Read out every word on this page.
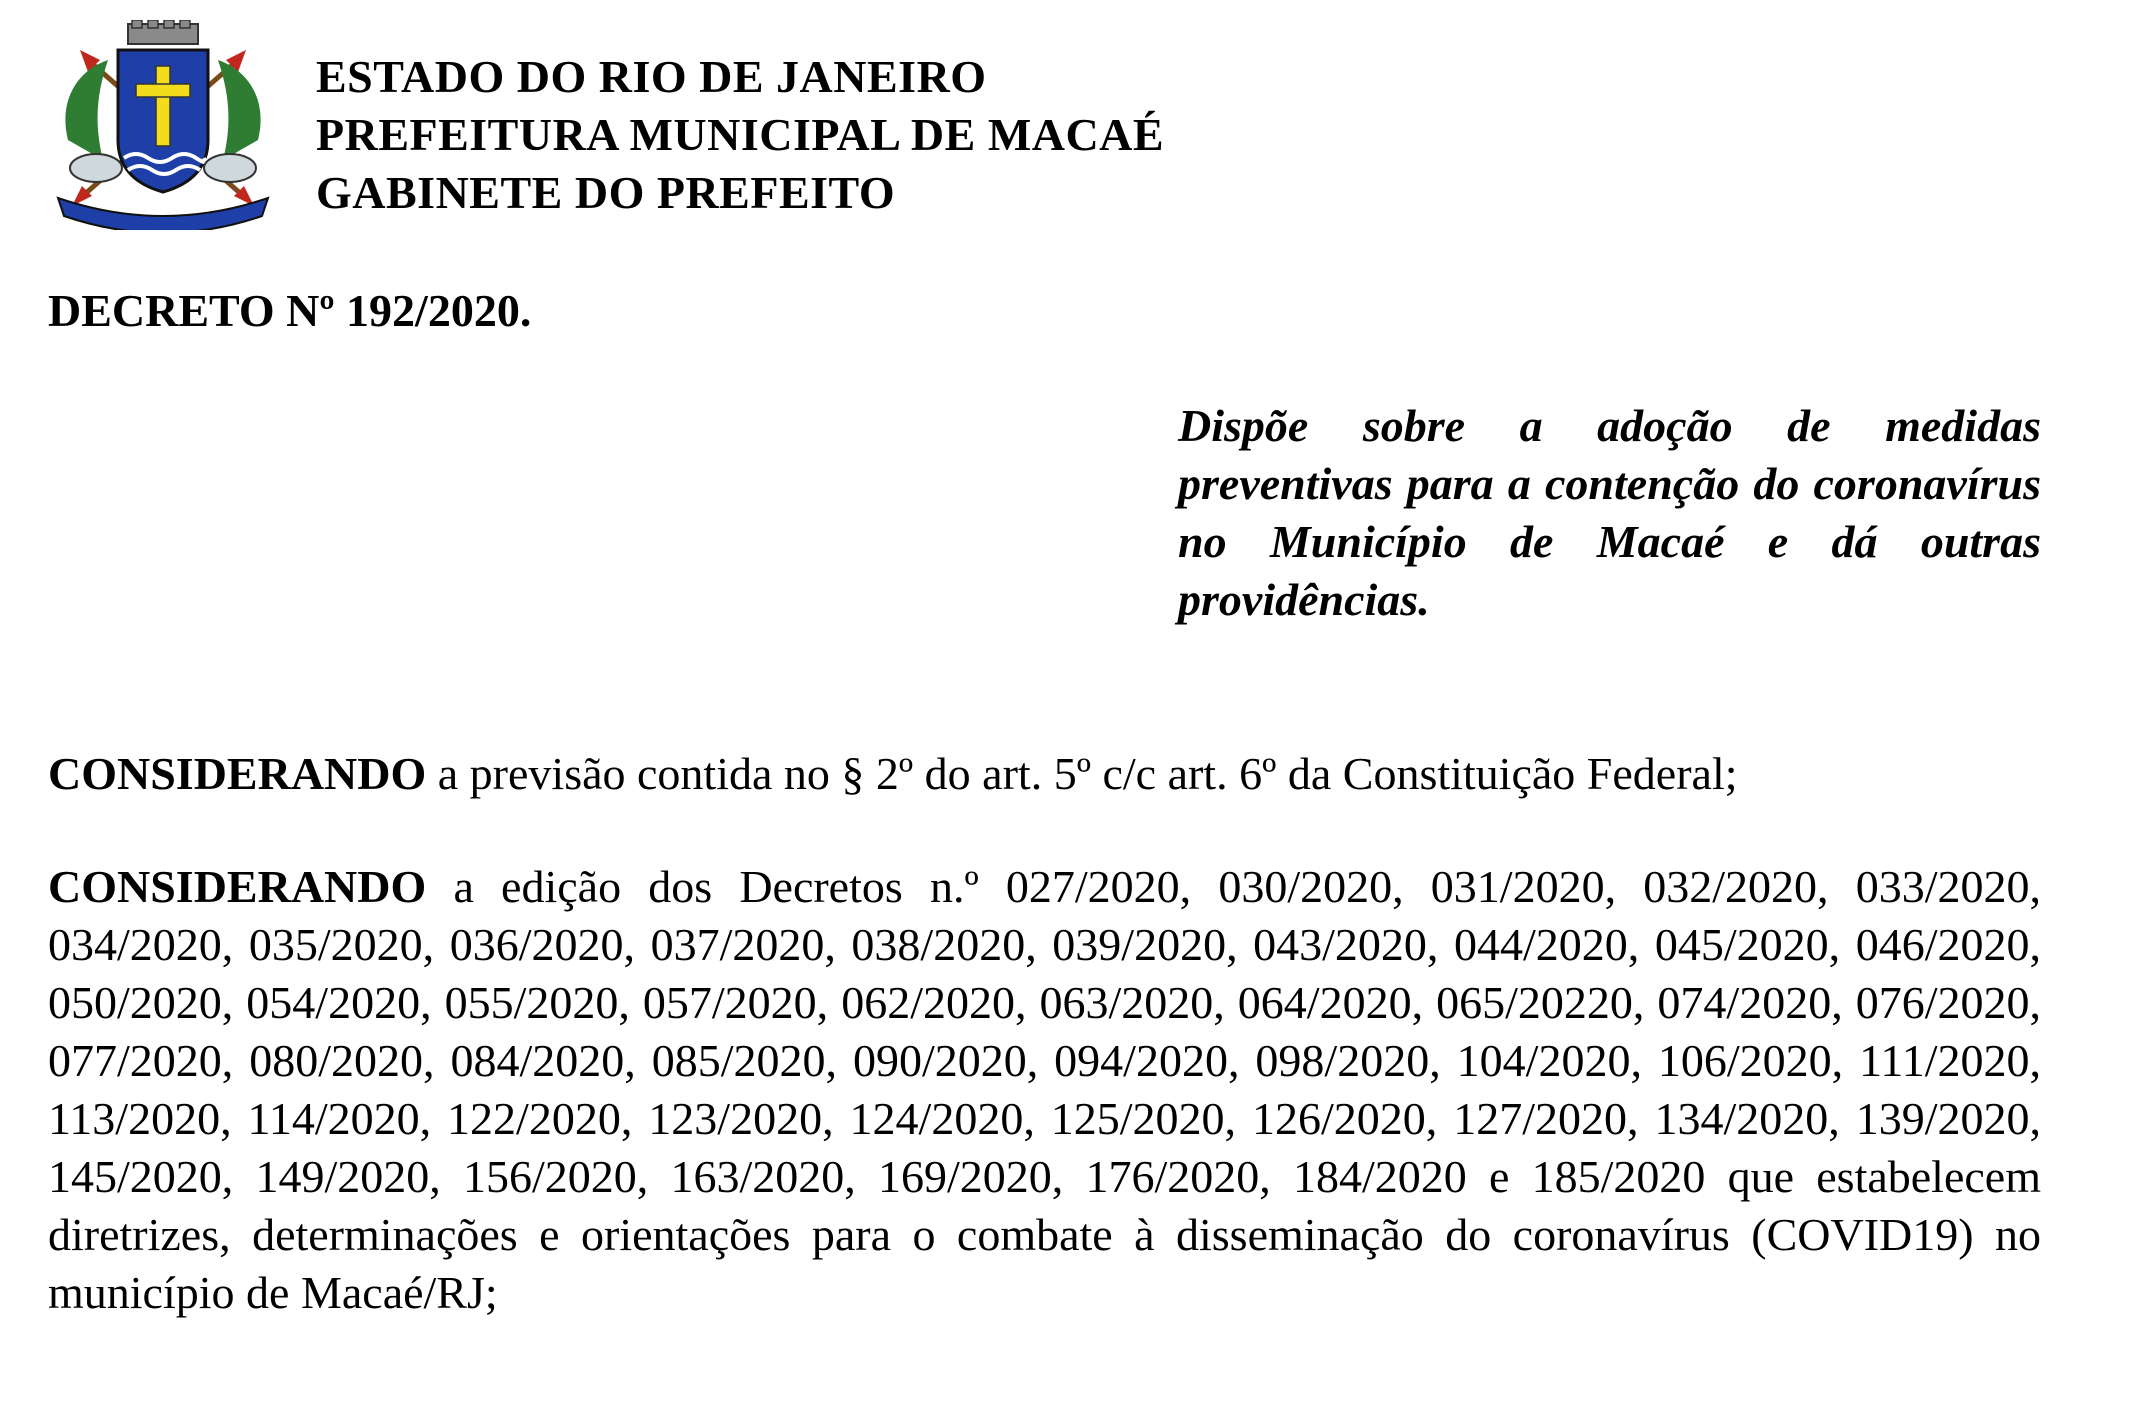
ESTADO DO RIO DE JANEIRO
PREFEITURA MUNICIPAL DE MACAÉ
GABINETE DO PREFEITO
DECRETO Nº 192/2020.
Dispõe sobre a adoção de medidas preventivas para a contenção do coronavírus no Município de Macaé e dá outras providências.

CONSIDERANDO a previsão contida no § 2º do art. 5º c/c art. 6º da Constituição Federal;

CONSIDERANDO a edição dos Decretos n.º 027/2020, 030/2020, 031/2020, 032/2020, 033/2020, 034/2020, 035/2020, 036/2020, 037/2020, 038/2020, 039/2020, 043/2020, 044/2020, 045/2020, 046/2020, 050/2020, 054/2020, 055/2020, 057/2020, 062/2020, 063/2020, 064/2020, 065/20220, 074/2020, 076/2020, 077/2020, 080/2020, 084/2020, 085/2020, 090/2020, 094/2020, 098/2020, 104/2020, 106/2020, 111/2020, 113/2020, 114/2020, 122/2020, 123/2020, 124/2020, 125/2020, 126/2020, 127/2020, 134/2020, 139/2020, 145/2020, 149/2020, 156/2020, 163/2020, 169/2020, 176/2020, 184/2020 e 185/2020 que estabelecem diretrizes, determinações e orientações para o combate à disseminação do coronavírus (COVID19) no município de Macaé/RJ;
